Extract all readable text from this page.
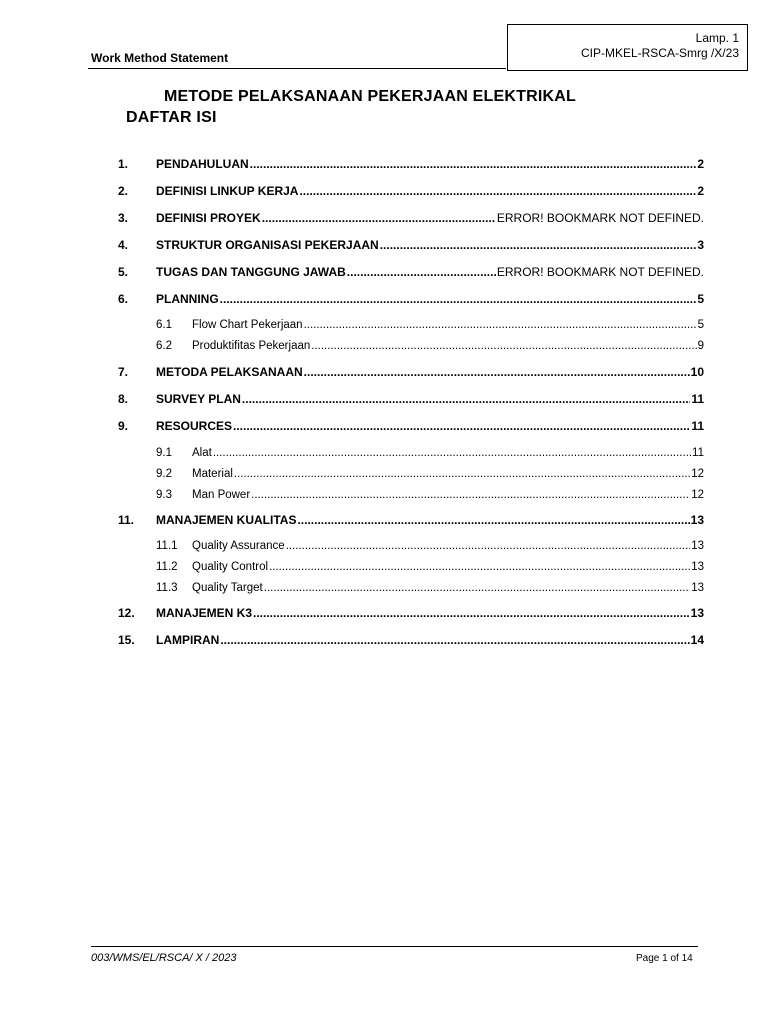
Work Method Statement
Lamp. 1
CIP-MKEL-RSCA-Smrg /X/23
METODE PELAKSANAAN PEKERJAAN ELEKTRIKAL
DAFTAR ISI
1.	PENDAHULUAN .....	2
2.	DEFINISI LINKUP KERJA .....	2
3.	DEFINISI PROYEK .....	ERROR! BOOKMARK NOT DEFINED.
4.	STRUKTUR ORGANISASI PEKERJAAN .....	3
5.	TUGAS DAN TANGGUNG JAWAB .....	ERROR! BOOKMARK NOT DEFINED.
6.	PLANNING .....	5
6.1	Flow Chart Pekerjaan .....	5
6.2	Produktifitas Pekerjaan .....	9
7.	METODA PELAKSANAAN .....	10
8.	SURVEY PLAN .....	11
9.	RESOURCES .....	11
9.1	Alat .....	11
9.2	Material .....	12
9.3	Man Power .....	12
11.	MANAJEMEN KUALITAS .....	13
11.1	Quality Assurance .....	13
11.2	Quality Control .....	13
11.3	Quality Target .....	13
12.	MANAJEMEN K3 .....	13
15.	LAMPIRAN .....	14
003/WMS/EL/RSCA/ X / 2023	Page 1 of 14
